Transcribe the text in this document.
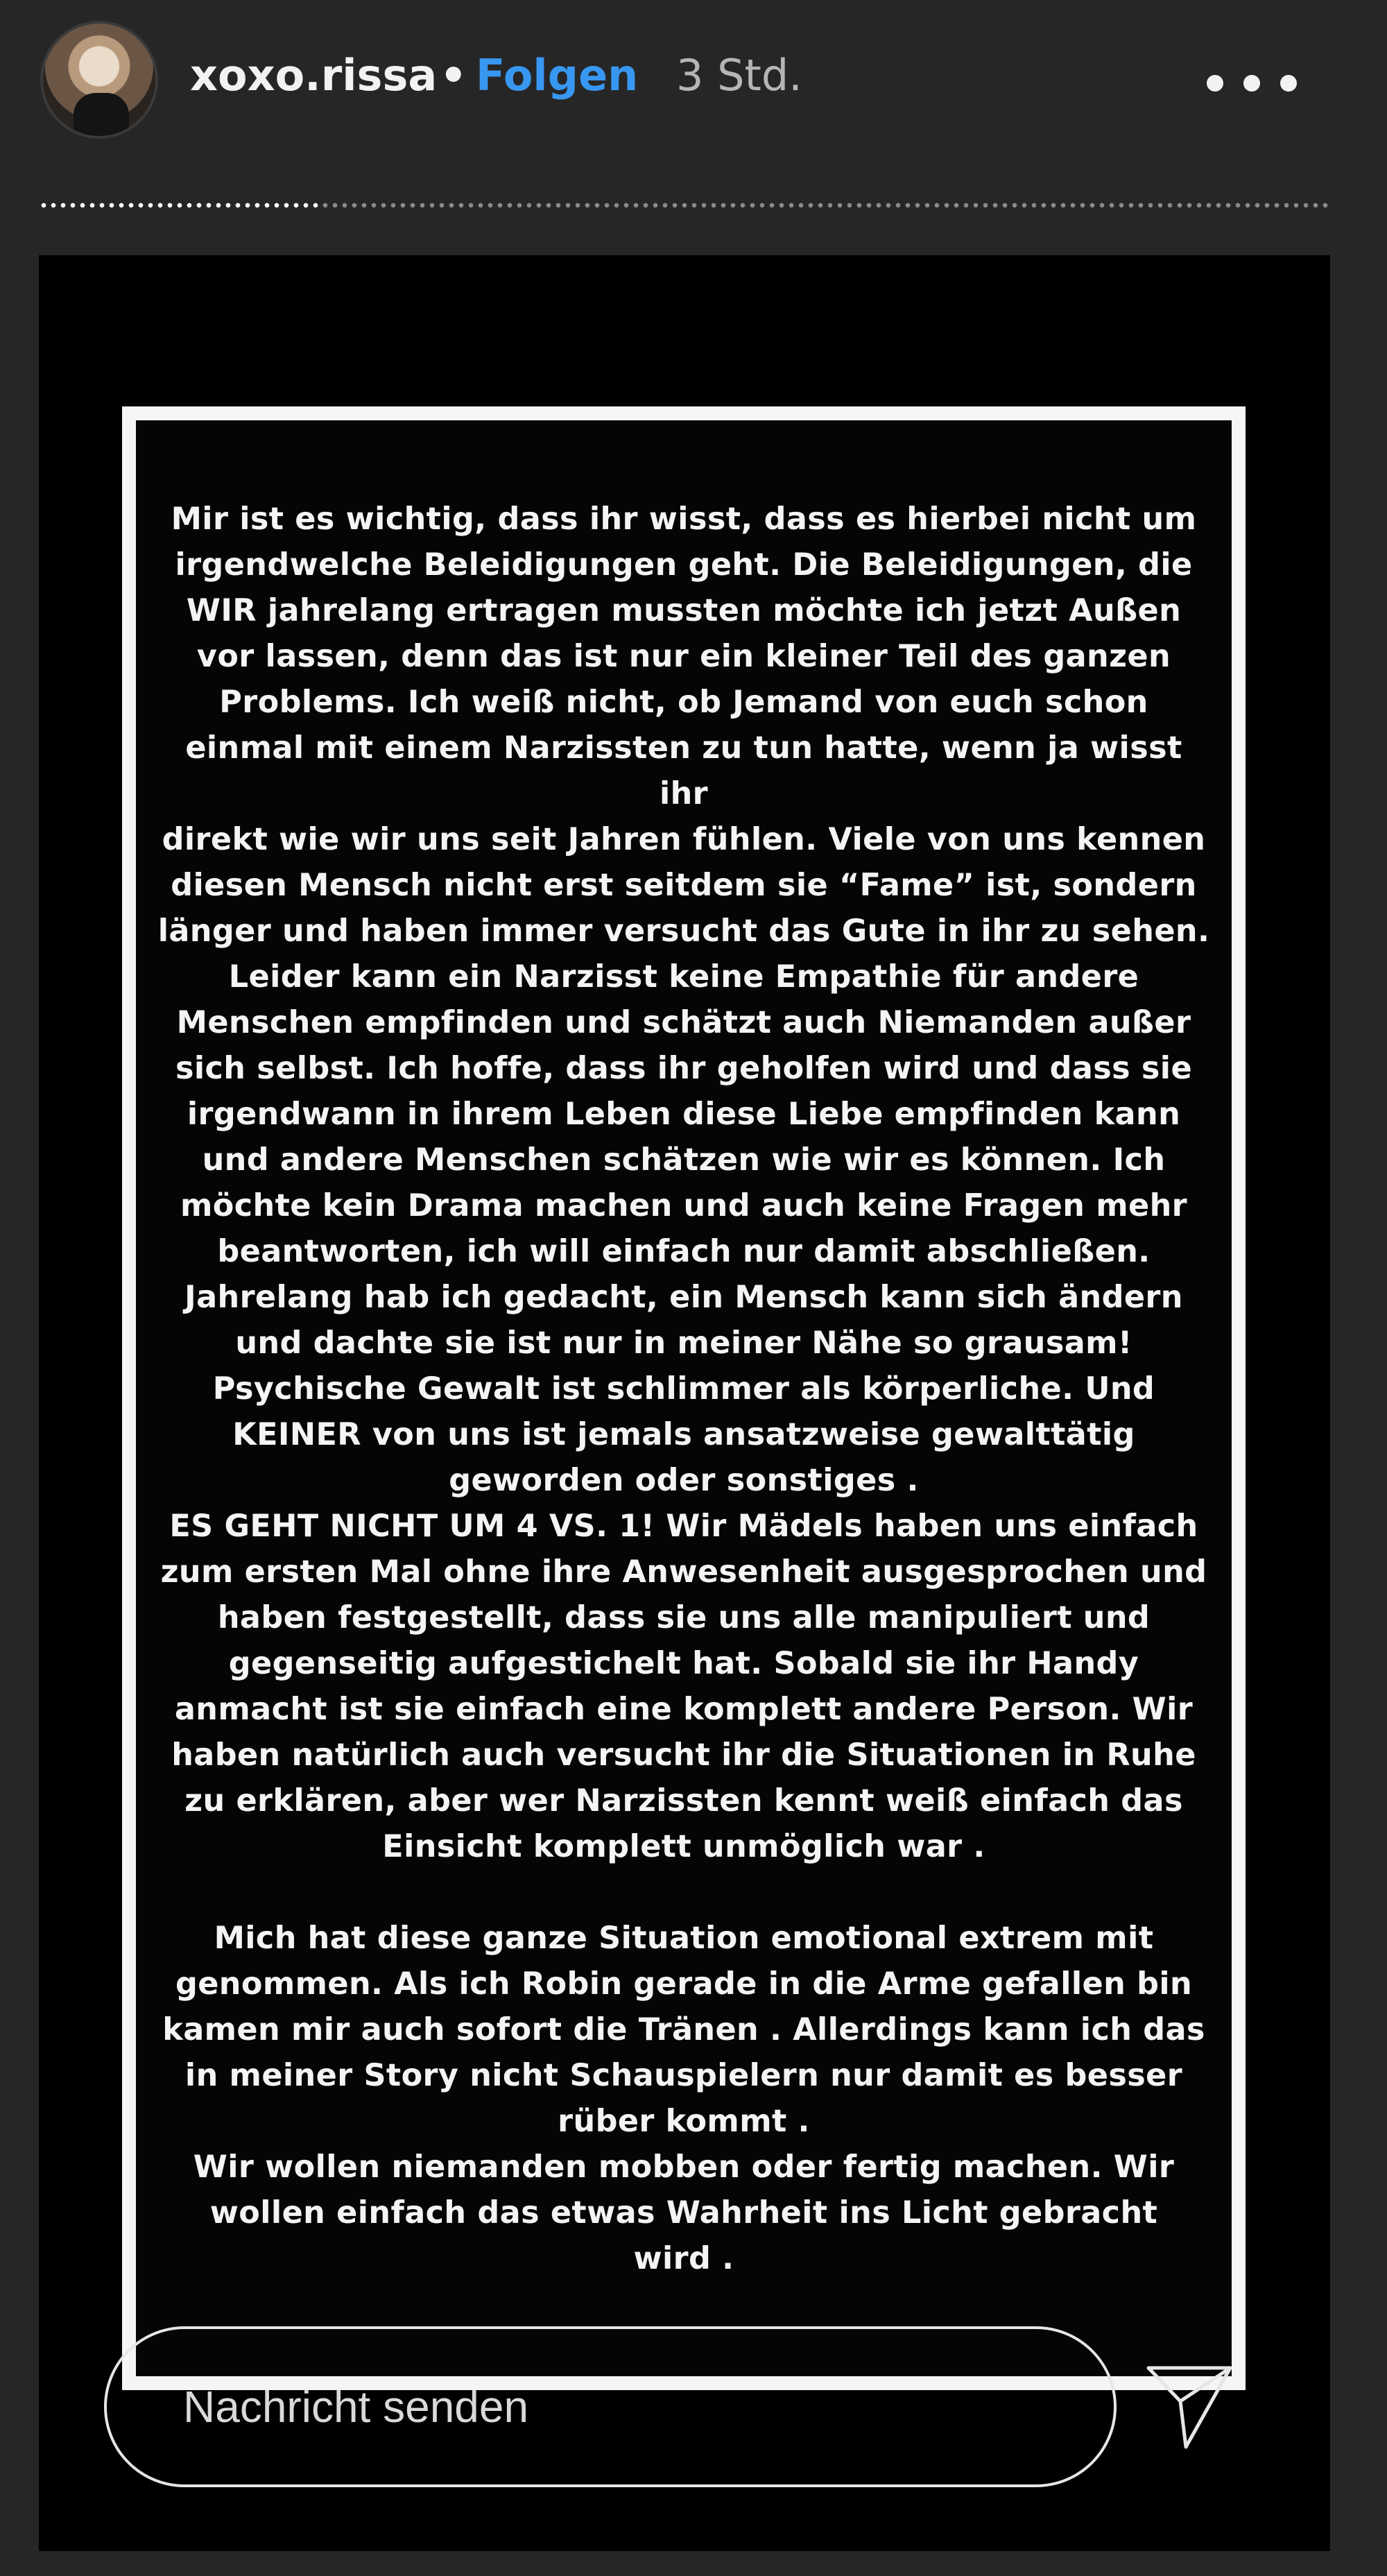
xoxo.rissa • Folgen 3 Std.
Mir ist es wichtig, dass ihr wisst, dass es hierbei nicht um
irgendwelche Beleidigungen geht. Die Beleidigungen, die
WIR jahrelang ertragen mussten möchte ich jetzt Außen
vor lassen, denn das ist nur ein kleiner Teil des ganzen
Problems. Ich weiß nicht, ob Jemand von euch schon
einmal mit einem Narzissten zu tun hatte, wenn ja wisst ihr
direkt wie wir uns seit Jahren fühlen. Viele von uns kennen
diesen Mensch nicht erst seitdem sie “Fame” ist, sondern
länger und haben immer versucht das Gute in ihr zu sehen.
Leider kann ein Narzisst keine Empathie für andere
Menschen empfinden und schätzt auch Niemanden außer
sich selbst. Ich hoffe, dass ihr geholfen wird und dass sie
irgendwann in ihrem Leben diese Liebe empfinden kann
und andere Menschen schätzen wie wir es können. Ich
möchte kein Drama machen und auch keine Fragen mehr
beantworten, ich will einfach nur damit abschließen.
Jahrelang hab ich gedacht, ein Mensch kann sich ändern
und dachte sie ist nur in meiner Nähe so grausam!
Psychische Gewalt ist schlimmer als körperliche. Und
KEINER von uns ist jemals ansatzweise gewalttätig
geworden oder sonstiges .
ES GEHT NICHT UM 4 VS. 1! Wir Mädels haben uns einfach
zum ersten Mal ohne ihre Anwesenheit ausgesprochen und
haben festgestellt, dass sie uns alle manipuliert und
gegenseitig aufgestichelt hat. Sobald sie ihr Handy
anmacht ist sie einfach eine komplett andere Person. Wir
haben natürlich auch versucht ihr die Situationen in Ruhe
zu erklären, aber wer Narzissten kennt weiß einfach das
Einsicht komplett unmöglich war .

Mich hat diese ganze Situation emotional extrem mit
genommen. Als ich Robin gerade in die Arme gefallen bin
kamen mir auch sofort die Tränen . Allerdings kann ich das
in meiner Story nicht Schauspielern nur damit es besser
rüber kommt .
Wir wollen niemanden mobben oder fertig machen. Wir
wollen einfach das etwas Wahrheit ins Licht gebracht
wird .
Nachricht senden
